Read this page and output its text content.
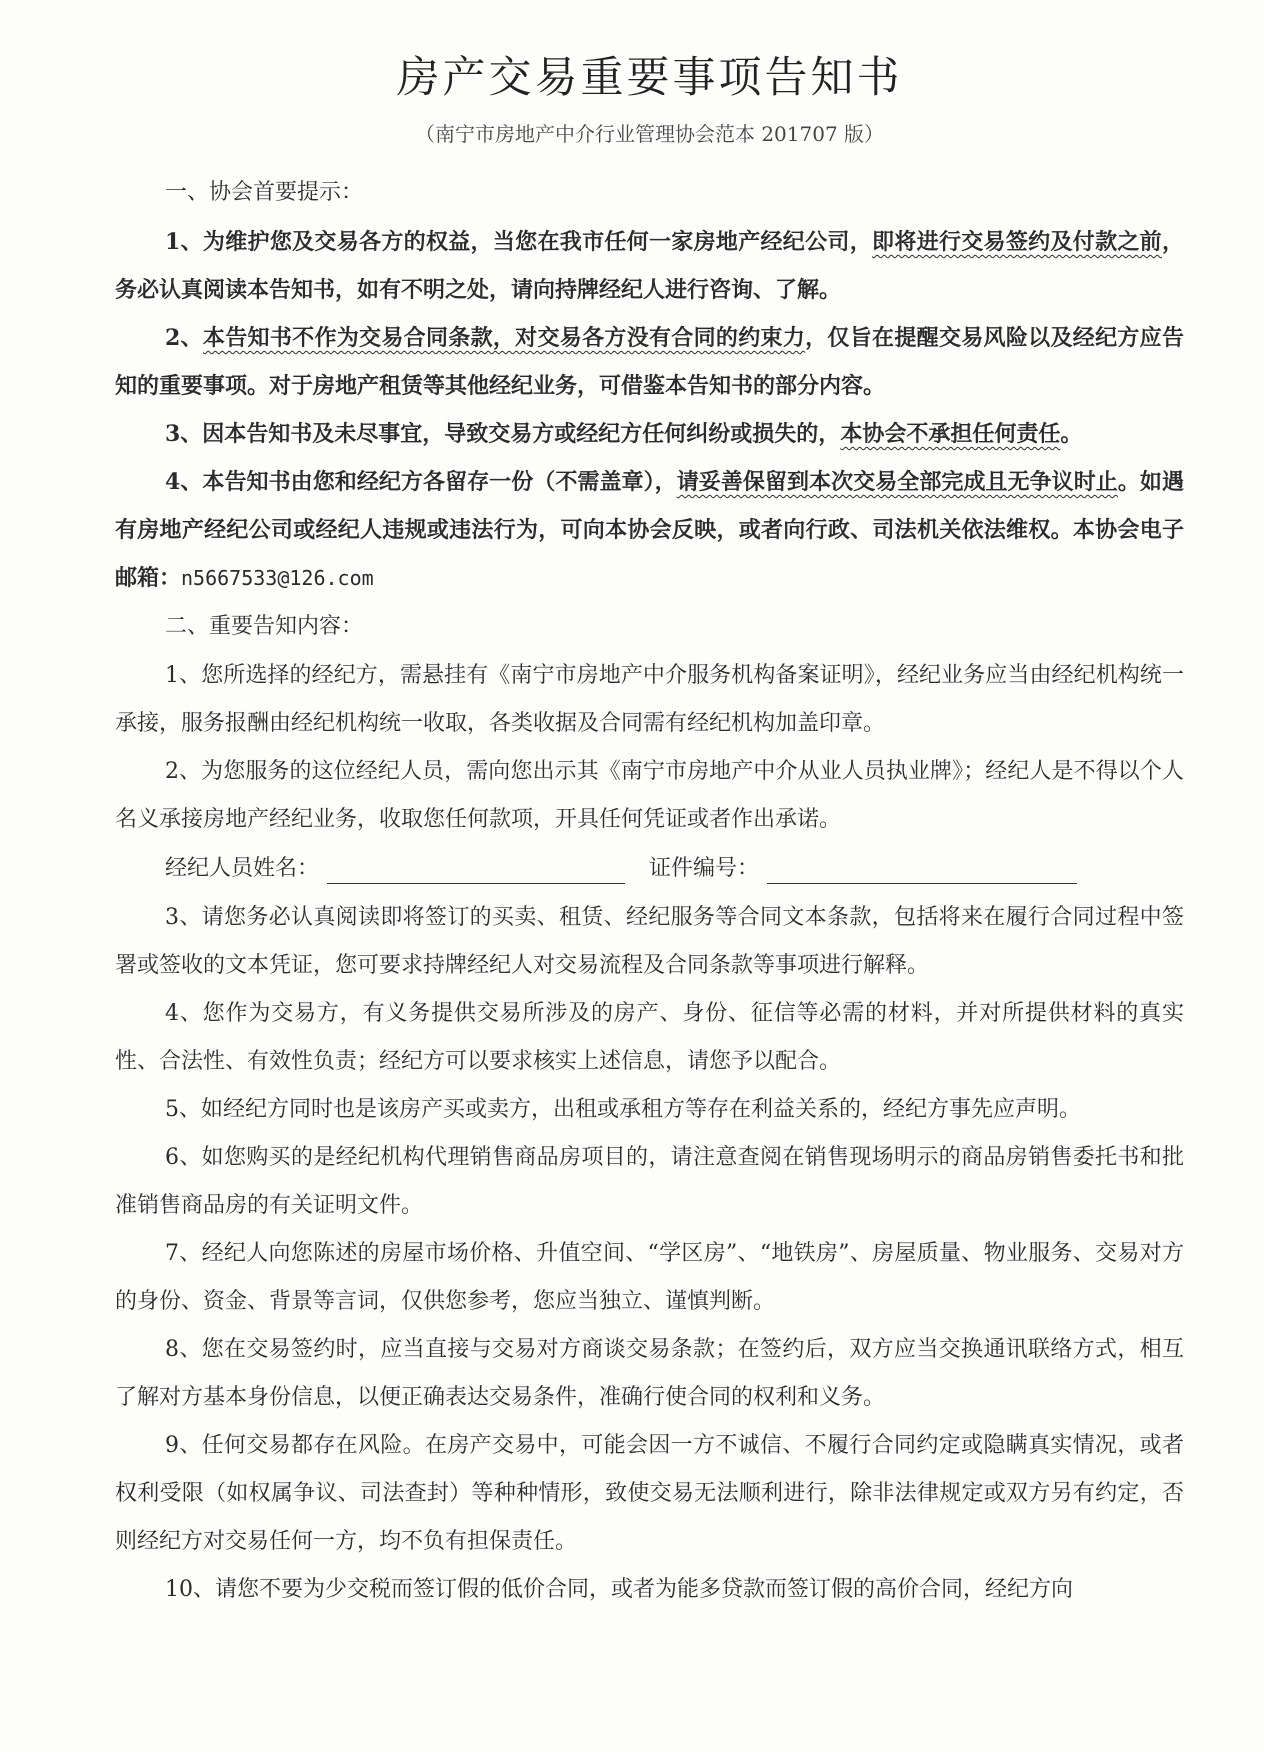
房产交易重要事项告知书
（南宁市房地产中介行业管理协会范本 201707 版）
一、协会首要提示：

1、为维护您及交易各方的权益，当您在我市任何一家房地产经纪公司，即将进行交易签约及付款之前，务必认真阅读本告知书，如有不明之处，请向持牌经纪人进行咨询、了解。

2、本告知书不作为交易合同条款，对交易各方没有合同的约束力，仅旨在提醒交易风险以及经纪方应告知的重要事项。对于房地产租赁等其他经纪业务，可借鉴本告知书的部分内容。

3、因本告知书及未尽事宜，导致交易方或经纪方任何纠纷或损失的，本协会不承担任何责任。

4、本告知书由您和经纪方各留存一份（不需盖章），请妥善保留到本次交易全部完成且无争议时止。如遇有房地产经纪公司或经纪人违规或违法行为，可向本协会反映，或者向行政、司法机关依法维权。本协会电子邮箱：n5667533@126.com

二、重要告知内容：

1、您所选择的经纪方，需悬挂有《南宁市房地产中介服务机构备案证明》，经纪业务应当由经纪机构统一承接，服务报酬由经纪机构统一收取，各类收据及合同需有经纪机构加盖印章。

2、为您服务的这位经纪人员，需向您出示其《南宁市房地产中介从业人员执业牌》；经纪人是不得以个人名义承接房地产经纪业务，收取您任何款项，开具任何凭证或者作出承诺。

经纪人员姓名：	证件编号：

3、请您务必认真阅读即将签订的买卖、租赁、经纪服务等合同文本条款，包括将来在履行合同过程中签署或签收的文本凭证，您可要求持牌经纪人对交易流程及合同条款等事项进行解释。

4、您作为交易方，有义务提供交易所涉及的房产、身份、征信等必需的材料，并对所提供材料的真实性、合法性、有效性负责；经纪方可以要求核实上述信息，请您予以配合。

5、如经纪方同时也是该房产买或卖方，出租或承租方等存在利益关系的，经纪方事先应声明。

6、如您购买的是经纪机构代理销售商品房项目的，请注意查阅在销售现场明示的商品房销售委托书和批准销售商品房的有关证明文件。

7、经纪人向您陈述的房屋市场价格、升值空间、“学区房”、“地铁房”、房屋质量、物业服务、交易对方的身份、资金、背景等言词，仅供您参考，您应当独立、谨慎判断。

8、您在交易签约时，应当直接与交易对方商谈交易条款；在签约后，双方应当交换通讯联络方式，相互了解对方基本身份信息，以便正确表达交易条件，准确行使合同的权利和义务。

9、任何交易都存在风险。在房产交易中，可能会因一方不诚信、不履行合同约定或隐瞒真实情况，或者权利受限（如权属争议、司法查封）等种种情形，致使交易无法顺利进行，除非法律规定或双方另有约定，否则经纪方对交易任何一方，均不负有担保责任。

10、请您不要为少交税而签订假的低价合同，或者为能多贷款而签订假的高价合同，经纪方向
